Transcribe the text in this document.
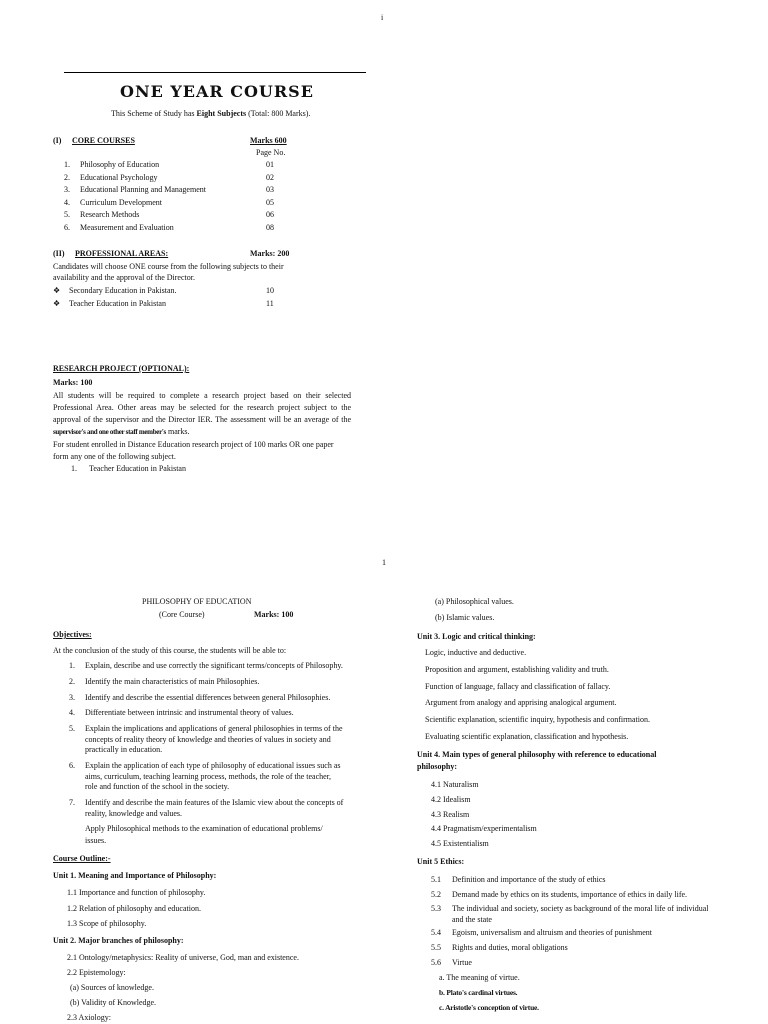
i
ONE YEAR COURSE
This Scheme of Study has Eight Subjects (Total: 800 Marks).
(I) CORE COURSES	Marks 600
Page No.
1. Philosophy of Education	01
2. Educational Psychology	02
3. Educational Planning and Management	03
4. Curriculum Development	05
5. Research Methods	06
6. Measurement and Evaluation	08
(II) PROFESSIONAL AREAS:	Marks: 200
Candidates will choose ONE course from the following subjects to their
availability and the approval of the Director.
❖ Secondary Education in Pakistan.	10
❖ Teacher Education in Pakistan	11
RESEARCH PROJECT (OPTIONAL):
Marks: 100
All students will be required to complete a research project based on their selected
Professional Area. Other areas may be selected for the research project subject to the
approval of the supervisor and the Director IER. The assessment will be an average of the
supervisor's and one other staff member's marks.
For student enrolled in Distance Education research project of 100 marks OR one paper
form any one of the following subject.
1. Teacher Education in Pakistan
1
PHILOSOPHY OF EDUCATION
(Core Course)	Marks: 100
Objectives:
At the conclusion of the study of this course, the students will be able to:
1. Explain, describe and use correctly the significant terms/concepts of Philosophy.
2. Identify the main characteristics of main Philosophies.
3. Identify and describe the essential differences between general Philosophies.
4. Differentiate between intrinsic and instrumental theory of values.
5. Explain the implications and applications of general philosophies in terms of the
concepts of reality theory of knowledge and theories of values in society and
practically in education.
6. Explain the application of each type of philosophy of educational issues such as
aims, curriculum, teaching learning process, methods, the role of the teacher,
role and function of the school in the society.
7. Identify and describe the main features of the Islamic view about the concepts of
reality, knowledge and values.
Apply Philosophical methods to the examination of educational problems/
issues.
Course Outline:-
Unit 1. Meaning and Importance of Philosophy:
1.1 Importance and function of philosophy.
1.2 Relation of philosophy and education.
1.3 Scope of philosophy.
Unit 2. Major branches of philosophy:
2.1 Ontology/metaphysics: Reality of universe, God, man and existence.
2.2 Epistemology:
(a) Sources of knowledge.
(b) Validity of Knowledge.
2.3 Axiology:
(a) Philosophical values.
(b) Islamic values.
Unit 3. Logic and critical thinking:
Logic, inductive and deductive.
Proposition and argument, establishing validity and truth.
Function of language, fallacy and classification of fallacy.
Argument from analogy and apprising analogical argument.
Scientific explanation, scientific inquiry, hypothesis and confirmation.
Evaluating scientific explanation, classification and hypothesis.
Unit 4. Main types of general philosophy with reference to educational
philosophy:
4.1 Naturalism
4.2 Idealism
4.3 Realism
4.4 Pragmatism/experimentalism
4.5 Existentialism
Unit 5 Ethics:
5.1 Definition and importance of the study of ethics
5.2 Demand made by ethics on its students, importance of ethics in daily life.
5.3 The individual and society, society as background of the moral life of individual
and the state
5.4 Egoism, universalism and altruism and theories of punishment
5.5 Rights and duties, moral obligations
5.6 Virtue
a. The meaning of virtue.
b. Plato's cardinal virtues.
c. Aristotle's conception of virtue.
